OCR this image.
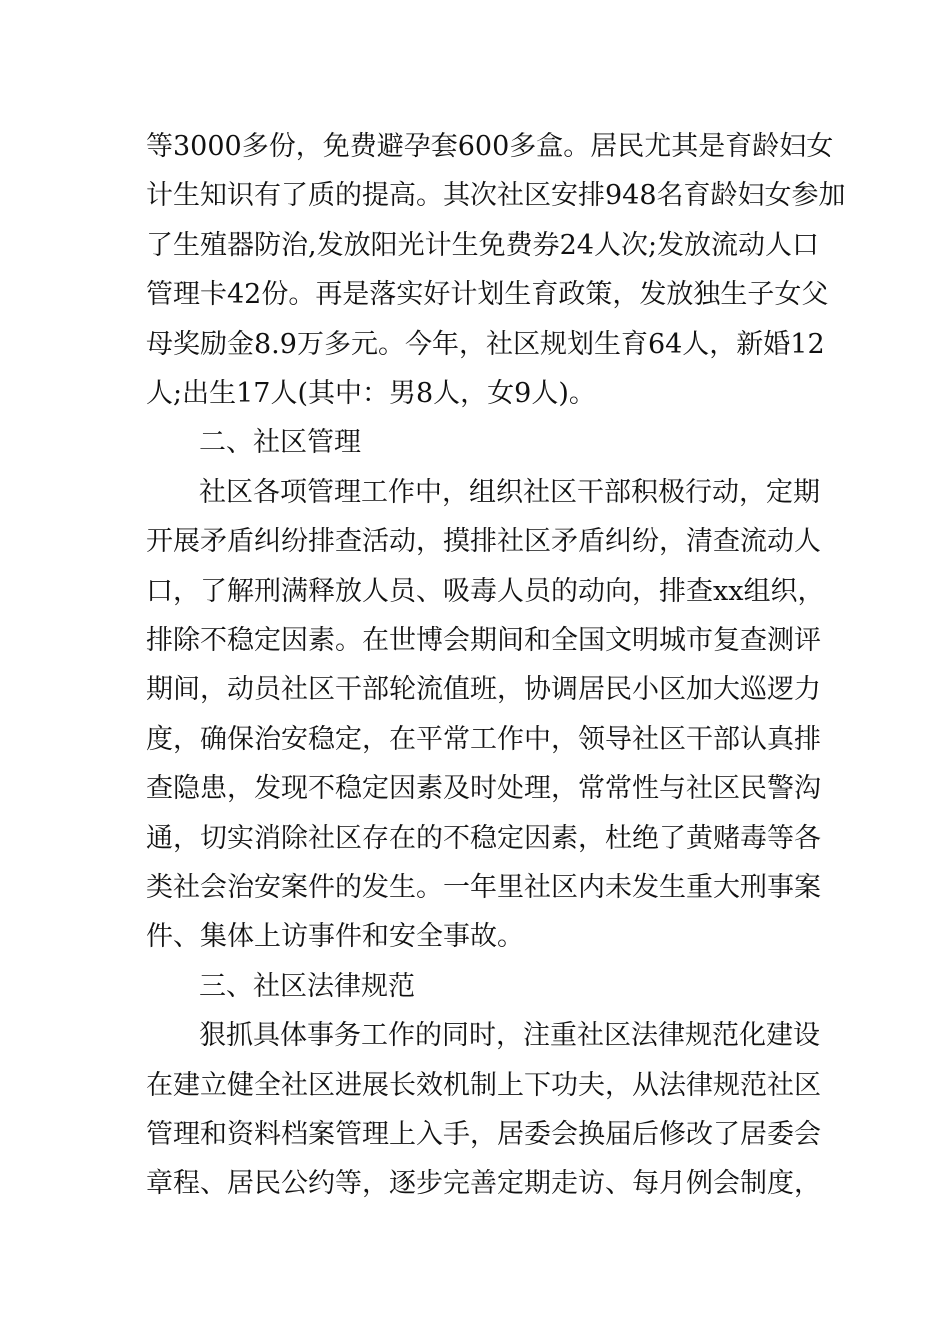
等3000多份，免费避孕套600多盒。居民尤其是育龄妇女
计生知识有了质的提高。其次社区安排948名育龄妇女参加
了生殖器防治,发放阳光计生免费券24人次;发放流动人口
管理卡42份。再是落实好计划生育政策，发放独生子女父
母奖励金8.9万多元。今年，社区规划生育64人，新婚12
人;出生17人(其中：男8人，女9人)。
二、社区管理
社区各项管理工作中，组织社区干部积极行动，定期
开展矛盾纠纷排查活动，摸排社区矛盾纠纷，清查流动人
口，了解刑满释放人员、吸毒人员的动向，排查xx组织，
排除不稳定因素。在世博会期间和全国文明城市复查测评
期间，动员社区干部轮流值班，协调居民小区加大巡逻力
度，确保治安稳定，在平常工作中，领导社区干部认真排
查隐患，发现不稳定因素及时处理，常常性与社区民警沟
通，切实消除社区存在的不稳定因素，杜绝了黄赌毒等各
类社会治安案件的发生。一年里社区内未发生重大刑事案
件、集体上访事件和安全事故。
三、社区法律规范
狠抓具体事务工作的同时，注重社区法律规范化建设
在建立健全社区进展长效机制上下功夫，从法律规范社区
管理和资料档案管理上入手，居委会换届后修改了居委会
章程、居民公约等，逐步完善定期走访、每月例会制度，
